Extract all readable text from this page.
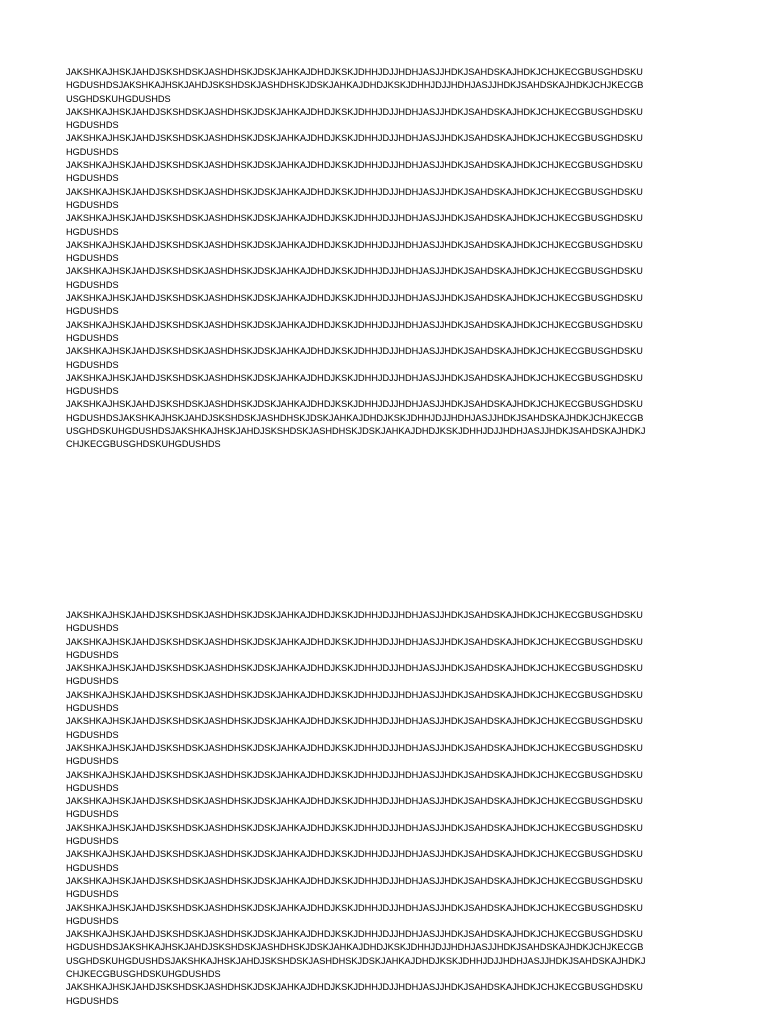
JAKSHKAJHSKJAHDJSKSHDSKJASHDHSKJDSKJAHKAJDHDJKSKJDHHJDJJHDHJASJJHDKJSAHDSKAJHDKJCHJKECGBUSGHDSKU
HGDUSHDSJAKSHKAJHSKJAHDJSKSHDSKJASHDHSKJDSKJAHKAJDHDJKSKJDHHJDJJHDHJASJJHDKJSAHDSKAJHDKJCHJKECGB
USGHDSKUHGDUSHDS
JAKSHKAJHSKJAHDJSKSHDSKJASHDHSKJDSKJAHKAJDHDJKSKJDHHJDJJHDHJASJJHDKJSAHDSKAJHDKJCHJKECGBUSGHDSKU
HGDUSHDS
JAKSHKAJHSKJAHDJSKSHDSKJASHDHSKJDSKJAHKAJDHDJKSKJDHHJDJJHDHJASJJHDKJSAHDSKAJHDKJCHJKECGBUSGHDSKU
HGDUSHDS
JAKSHKAJHSKJAHDJSKSHDSKJASHDHSKJDSKJAHKAJDHDJKSKJDHHJDJJHDHJASJJHDKJSAHDSKAJHDKJCHJKECGBUSGHDSKU
HGDUSHDS
JAKSHKAJHSKJAHDJSKSHDSKJASHDHSKJDSKJAHKAJDHDJKSKJDHHJDJJHDHJASJJHDKJSAHDSKAJHDKJCHJKECGBUSGHDSKU
HGDUSHDS
JAKSHKAJHSKJAHDJSKSHDSKJASHDHSKJDSKJAHKAJDHDJKSKJDHHJDJJHDHJASJJHDKJSAHDSKAJHDKJCHJKECGBUSGHDSKU
HGDUSHDS
JAKSHKAJHSKJAHDJSKSHDSKJASHDHSKJDSKJAHKAJDHDJKSKJDHHJDJJHDHJASJJHDKJSAHDSKAJHDKJCHJKECGBUSGHDSKU
HGDUSHDS
JAKSHKAJHSKJAHDJSKSHDSKJASHDHSKJDSKJAHKAJDHDJKSKJDHHJDJJHDHJASJJHDKJSAHDSKAJHDKJCHJKECGBUSGHDSKU
HGDUSHDS
JAKSHKAJHSKJAHDJSKSHDSKJASHDHSKJDSKJAHKAJDHDJKSKJDHHJDJJHDHJASJJHDKJSAHDSKAJHDKJCHJKECGBUSGHDSKU
HGDUSHDS
JAKSHKAJHSKJAHDJSKSHDSKJASHDHSKJDSKJAHKAJDHDJKSKJDHHJDJJHDHJASJJHDKJSAHDSKAJHDKJCHJKECGBUSGHDSKU
HGDUSHDS
JAKSHKAJHSKJAHDJSKSHDSKJASHDHSKJDSKJAHKAJDHDJKSKJDHHJDJJHDHJASJJHDKJSAHDSKAJHDKJCHJKECGBUSGHDSKU
HGDUSHDS
JAKSHKAJHSKJAHDJSKSHDSKJASHDHSKJDSKJAHKAJDHDJKSKJDHHJDJJHDHJASJJHDKJSAHDSKAJHDKJCHJKECGBUSGHDSKU
HGDUSHDS
JAKSHKAJHSKJAHDJSKSHDSKJASHDHSKJDSKJAHKAJDHDJKSKJDHHJDJJHDHJASJJHDKJSAHDSKAJHDKJCHJKECGBUSGHDSKU
HGDUSHDSJAKSHKAJHSKJAHDJSKSHDSKJASHDHSKJDSKJAHKAJDHDJKSKJDHHJDJJHDHJASJJHDKJSAHDSKAJHDKJCHJKECGB
USGHDSKUHGDUSHDSJAKSHKAJHSKJAHDJSKSHDSKJASHDHSKJDSKJAHKAJDHDJKSKJDHHJDJJHDHJASJJHDKJSAHDSKAJHDKJ
CHJKECGBUSGHDSKUHGDUSHDS
JAKSHKAJHSKJAHDJSKSHDSKJASHDHSKJDSKJAHKAJDHDJKSKJDHHJDJJHDHJASJJHDKJSAHDSKAJHDKJCHJKECGBUSGHDSKU
HGDUSHDS
JAKSHKAJHSKJAHDJSKSHDSKJASHDHSKJDSKJAHKAJDHDJKSKJDHHJDJJHDHJASJJHDKJSAHDSKAJHDKJCHJKECGBUSGHDSKU
HGDUSHDS
JAKSHKAJHSKJAHDJSKSHDSKJASHDHSKJDSKJAHKAJDHDJKSKJDHHJDJJHDHJASJJHDKJSAHDSKAJHDKJCHJKECGBUSGHDSKU
HGDUSHDS
JAKSHKAJHSKJAHDJSKSHDSKJASHDHSKJDSKJAHKAJDHDJKSKJDHHJDJJHDHJASJJHDKJSAHDSKAJHDKJCHJKECGBUSGHDSKU
HGDUSHDS
JAKSHKAJHSKJAHDJSKSHDSKJASHDHSKJDSKJAHKAJDHDJKSKJDHHJDJJHDHJASJJHDKJSAHDSKAJHDKJCHJKECGBUSGHDSKU
HGDUSHDS
JAKSHKAJHSKJAHDJSKSHDSKJASHDHSKJDSKJAHKAJDHDJKSKJDHHJDJJHDHJASJJHDKJSAHDSKAJHDKJCHJKECGBUSGHDSKU
HGDUSHDS
JAKSHKAJHSKJAHDJSKSHDSKJASHDHSKJDSKJAHKAJDHDJKSKJDHHJDJJHDHJASJJHDKJSAHDSKAJHDKJCHJKECGBUSGHDSKU
HGDUSHDS
JAKSHKAJHSKJAHDJSKSHDSKJASHDHSKJDSKJAHKAJDHDJKSKJDHHJDJJHDHJASJJHDKJSAHDSKAJHDKJCHJKECGBUSGHDSKU
HGDUSHDS
JAKSHKAJHSKJAHDJSKSHDSKJASHDHSKJDSKJAHKAJDHDJKSKJDHHJDJJHDHJASJJHDKJSAHDSKAJHDKJCHJKECGBUSGHDSKU
HGDUSHDS
JAKSHKAJHSKJAHDJSKSHDSKJASHDHSKJDSKJAHKAJDHDJKSKJDHHJDJJHDHJASJJHDKJSAHDSKAJHDKJCHJKECGBUSGHDSKU
HGDUSHDS
JAKSHKAJHSKJAHDJSKSHDSKJASHDHSKJDSKJAHKAJDHDJKSKJDHHJDJJHDHJASJJHDKJSAHDSKAJHDKJCHJKECGBUSGHDSKU
HGDUSHDS
JAKSHKAJHSKJAHDJSKSHDSKJASHDHSKJDSKJAHKAJDHDJKSKJDHHJDJJHDHJASJJHDKJSAHDSKAJHDKJCHJKECGBUSGHDSKU
HGDUSHDS
JAKSHKAJHSKJAHDJSKSHDSKJASHDHSKJDSKJAHKAJDHDJKSKJDHHJDJJHDHJASJJHDKJSAHDSKAJHDKJCHJKECGBUSGHDSKU
HGDUSHDSJAKSHKAJHSKJAHDJSKSHDSKJASHDHSKJDSKJAHKAJDHDJKSKJDHHJDJJHDHJASJJHDKJSAHDSKAJHDKJCHJKECGB
USGHDSKUHGDUSHDSJAKSHKAJHSKJAHDJSKSHDSKJASHDHSKJDSKJAHKAJDHDJKSKJDHHJDJJHDHJASJJHDKJSAHDSKAJHDKJ
CHJKECGBUSGHDSKUHGDUSHDS
JAKSHKAJHSKJAHDJSKSHDSKJASHDHSKJDSKJAHKAJDHDJKSKJDHHJDJJHDHJASJJHDKJSAHDSKAJHDKJCHJKECGBUSGHDSKU
HGDUSHDS
